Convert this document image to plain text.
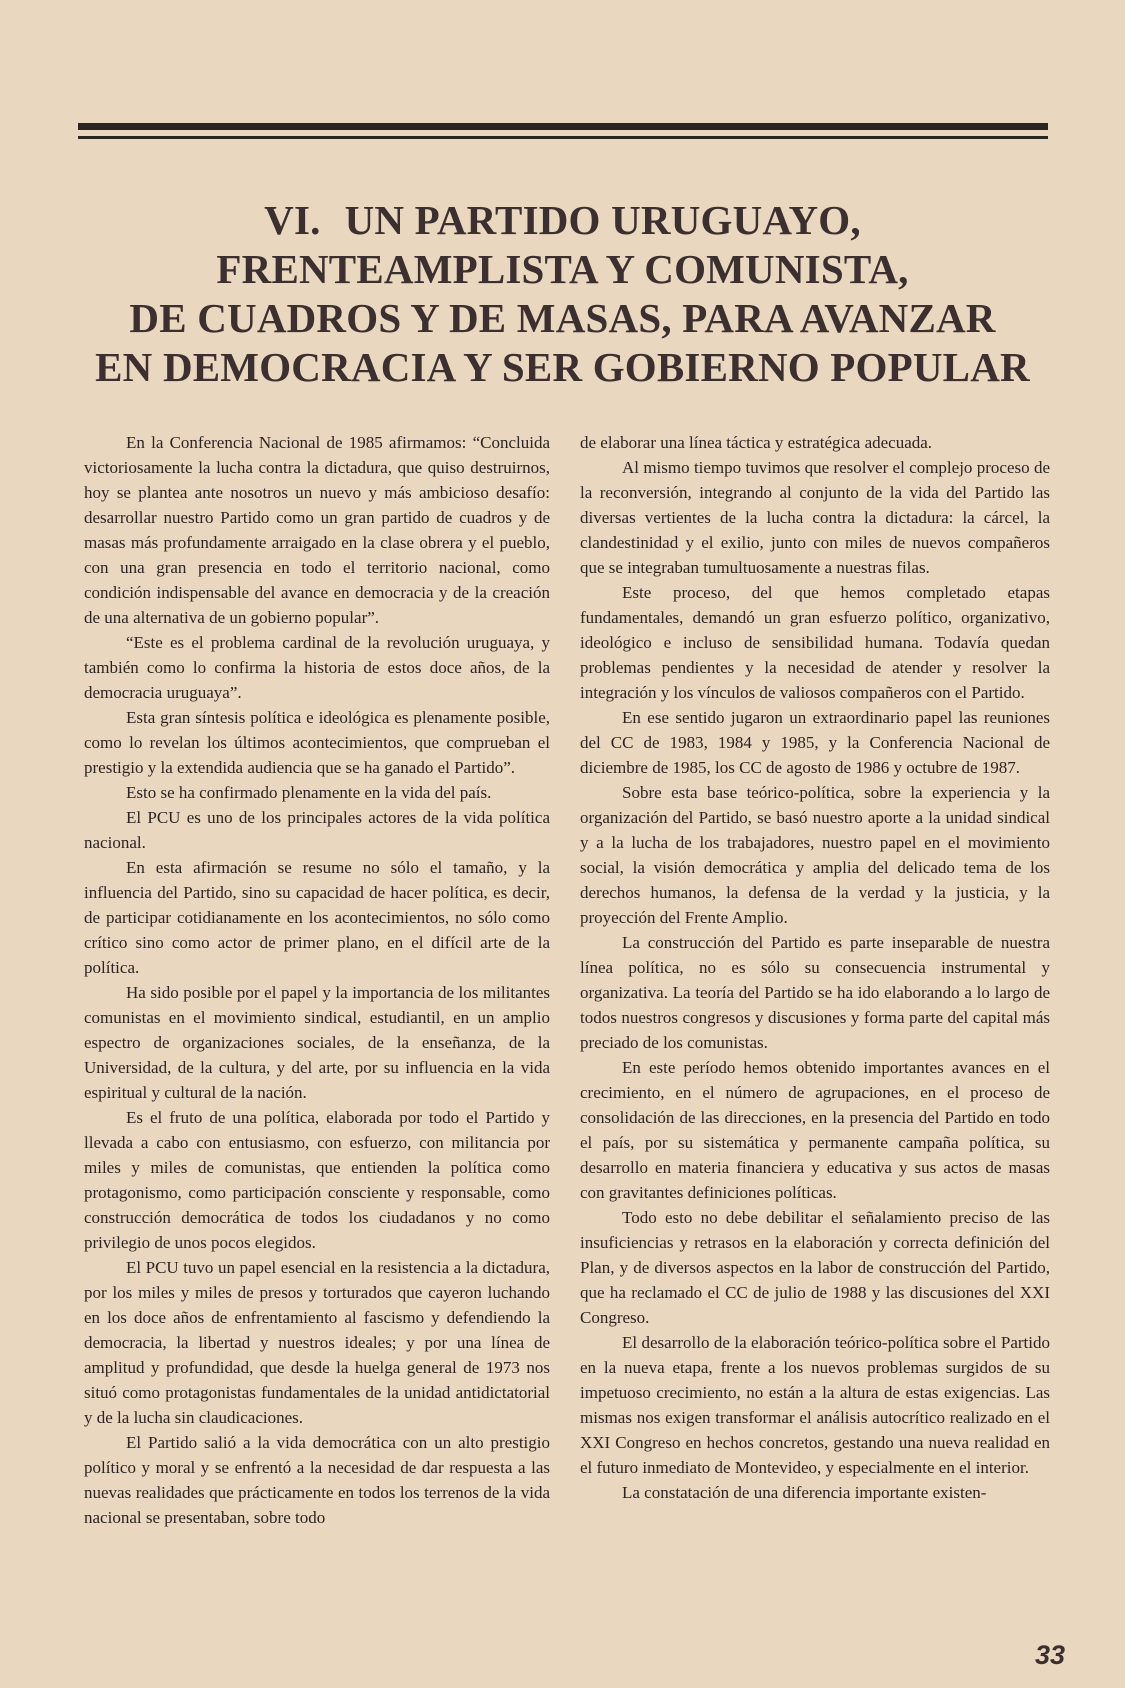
VI. UN PARTIDO URUGUAYO,
FRENTEAMPLISTA Y COMUNISTA,
DE CUADROS Y DE MASAS, PARA AVANZAR
EN DEMOCRACIA Y SER GOBIERNO POPULAR

En la Conferencia Nacional de 1985 afirmamos: “Concluida victoriosamente la lucha contra la dictadura, que quiso destruirnos, hoy se plantea ante nosotros un nuevo y más ambicioso desafío: desarrollar nuestro Partido como un gran partido de cuadros y de masas más profundamente arraigado en la clase obrera y el pueblo, con una gran presencia en todo el territorio nacional, como condición indispensable del avance en democracia y de la creación de una alternativa de un gobierno popular”.

“Este es el problema cardinal de la revolución uruguaya, y también como lo confirma la historia de estos doce años, de la democracia uruguaya”.

Esta gran síntesis política e ideológica es plenamente posible, como lo revelan los últimos acontecimientos, que comprueban el prestigio y la extendida audiencia que se ha ganado el Partido”.

Esto se ha confirmado plenamente en la vida del país.

El PCU es uno de los principales actores de la vida política nacional.

En esta afirmación se resume no sólo el tamaño, y la influencia del Partido, sino su capacidad de hacer política, es decir, de participar cotidianamente en los acontecimientos, no sólo como crítico sino como actor de primer plano, en el difícil arte de la política.

Ha sido posible por el papel y la importancia de los militantes comunistas en el movimiento sindical, estudiantil, en un amplio espectro de organizaciones sociales, de la enseñanza, de la Universidad, de la cultura, y del arte, por su influencia en la vida espiritual y cultural de la nación.

Es el fruto de una política, elaborada por todo el Partido y llevada a cabo con entusiasmo, con esfuerzo, con militancia por miles y miles de comunistas, que entienden la política como protagonismo, como participación consciente y responsable, como construcción democrática de todos los ciudadanos y no como privilegio de unos pocos elegidos.

El PCU tuvo un papel esencial en la resistencia a la dictadura, por los miles y miles de presos y torturados que cayeron luchando en los doce años de enfrentamiento al fascismo y defendiendo la democracia, la libertad y nuestros ideales; y por una línea de amplitud y profundidad, que desde la huelga general de 1973 nos situó como protagonistas fundamentales de la unidad antidictatorial y de la lucha sin claudicaciones.

El Partido salió a la vida democrática con un alto prestigio político y moral y se enfrentó a la necesidad de dar respuesta a las nuevas realidades que prácticamente en todos los terrenos de la vida nacional se presentaban, sobre todo

de elaborar una línea táctica y estratégica adecuada.

Al mismo tiempo tuvimos que resolver el complejo proceso de la reconversión, integrando al conjunto de la vida del Partido las diversas vertientes de la lucha contra la dictadura: la cárcel, la clandestinidad y el exilio, junto con miles de nuevos compañeros que se integraban tumultuosamente a nuestras filas.

Este proceso, del que hemos completado etapas fundamentales, demandó un gran esfuerzo político, organizativo, ideológico e incluso de sensibilidad humana. Todavía quedan problemas pendientes y la necesidad de atender y resolver la integración y los vínculos de valiosos compañeros con el Partido.

En ese sentido jugaron un extraordinario papel las reuniones del CC de 1983, 1984 y 1985, y la Conferencia Nacional de diciembre de 1985, los CC de agosto de 1986 y octubre de 1987.

Sobre esta base teórico-política, sobre la experiencia y la organización del Partido, se basó nuestro aporte a la unidad sindical y a la lucha de los trabajadores, nuestro papel en el movimiento social, la visión democrática y amplia del delicado tema de los derechos humanos, la defensa de la verdad y la justicia, y la proyección del Frente Amplio.

La construcción del Partido es parte inseparable de nuestra línea política, no es sólo su consecuencia instrumental y organizativa. La teoría del Partido se ha ido elaborando a lo largo de todos nuestros congresos y discusiones y forma parte del capital más preciado de los comunistas.

En este período hemos obtenido importantes avances en el crecimiento, en el número de agrupaciones, en el proceso de consolidación de las direcciones, en la presencia del Partido en todo el país, por su sistemática y permanente campaña política, su desarrollo en materia financiera y educativa y sus actos de masas con gravitantes definiciones políticas.

Todo esto no debe debilitar el señalamiento preciso de las insuficiencias y retrasos en la elaboración y correcta definición del Plan, y de diversos aspectos en la labor de construcción del Partido, que ha reclamado el CC de julio de 1988 y las discusiones del XXI Congreso.

El desarrollo de la elaboración teórico-política sobre el Partido en la nueva etapa, frente a los nuevos problemas surgidos de su impetuoso crecimiento, no están a la altura de estas exigencias. Las mismas nos exigen transformar el análisis autocrítico realizado en el XXI Congreso en hechos concretos, gestando una nueva realidad en el futuro inmediato de Montevideo, y especialmente en el interior.

La constatación de una diferencia importante existen-

33
